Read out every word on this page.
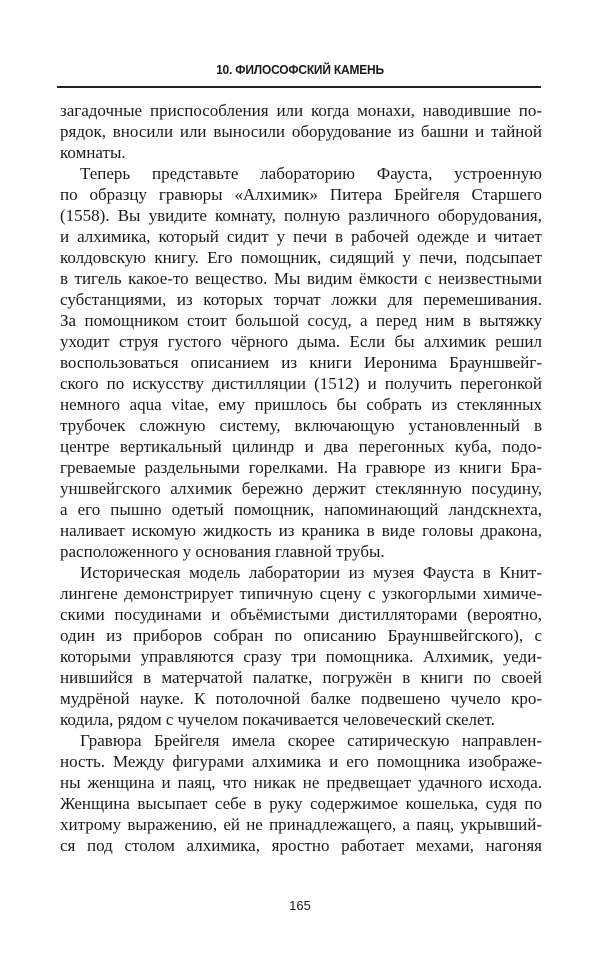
10. ФИЛОСОФСКИЙ КАМЕНЬ
загадочные приспособления или когда монахи, наводившие по-
рядок, вносили или выносили оборудование из башни и тайной
комнаты.
Теперь представьте лабораторию Фауста, устроенную
по образцу гравюры «Алхимик» Питера Брейгеля Старшего
(1558). Вы увидите комнату, полную различного оборудования,
и алхимика, который сидит у печи в рабочей одежде и читает
колдовскую книгу. Его помощник, сидящий у печи, подсыпает
в тигель какое-то вещество. Мы видим ёмкости с неизвестными
субстанциями, из которых торчат ложки для перемешивания.
За помощником стоит большой сосуд, а перед ним в вытяжку
уходит струя густого чёрного дыма. Если бы алхимик решил
воспользоваться описанием из книги Иеронима Брауншвейг-
ского по искусству дистилляции (1512) и получить перегонкой
немного aqua vitae, ему пришлось бы собрать из стеклянных
трубочек сложную систему, включающую установленный в
центре вертикальный цилиндр и два перегонных куба, подо-
греваемые раздельными горелками. На гравюре из книги Бра-
уншвейгского алхимик бережно держит стеклянную посудину,
а его пышно одетый помощник, напоминающий ландскнехта,
наливает искомую жидкость из краника в виде головы дракона,
расположенного у основания главной трубы.
Историческая модель лаборатории из музея Фауста в Книт-
лингене демонстрирует типичную сцену с узкогорлыми химиче-
скими посудинами и объёмистыми дистилляторами (вероятно,
один из приборов собран по описанию Брауншвейгского), с
которыми управляются сразу три помощника. Алхимик, уеди-
нившийся в матерчатой палатке, погружён в книги по своей
мудрёной науке. К потолочной балке подвешено чучело кро-
кодила, рядом с чучелом покачивается человеческий скелет.
Гравюра Брейгеля имела скорее сатирическую направлен-
ность. Между фигурами алхимика и его помощника изображе-
ны женщина и паяц, что никак не предвещает удачного исхода.
Женщина высыпает себе в руку содержимое кошелька, судя по
хитрому выражению, ей не принадлежащего, а паяц, укрывший-
ся под столом алхимика, яростно работает мехами, нагоняя
165
